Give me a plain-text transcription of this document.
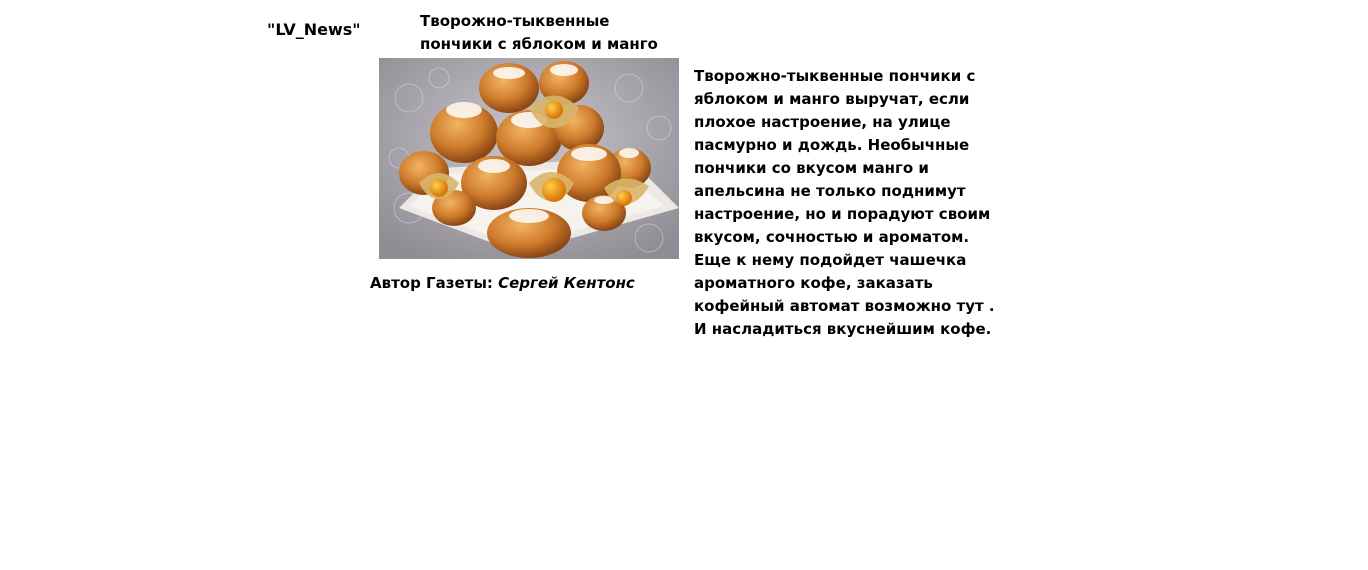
"LV_News"	Творожно-тыквенные пончики с яблоком и манго
Автор Газеты: Сергей Кентонс
Творожно-тыквенные пончики с яблоком и манго выручат, если плохое настроение, на улице пасмурно и дождь. Необычные пончики со вкусом манго и апельсина не только поднимут настроение, но и порадуют своим вкусом, сочностью и ароматом. Еще к нему подойдет чашечка ароматного кофе, заказать кофейный автомат возможно тут . И насладиться вкуснейшим кофе.
